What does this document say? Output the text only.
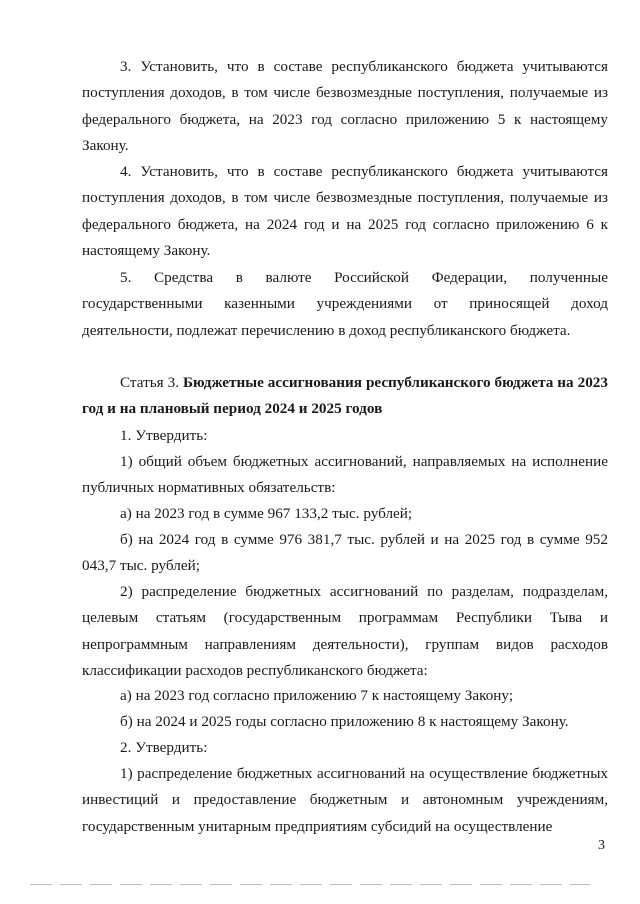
3. Установить, что в составе республиканского бюджета учитываются поступления доходов, в том числе безвозмездные поступления, получаемые из федерального бюджета, на 2023 год согласно приложению 5 к настоящему Закону.

4. Установить, что в составе республиканского бюджета учитываются поступления доходов, в том числе безвозмездные поступления, получаемые из федерального бюджета, на 2024 год и на 2025 год согласно приложению 6 к настоящему Закону.

5. Средства в валюте Российской Федерации, полученные государственными казенными учреждениями от приносящей доход деятельности, подлежат перечислению в доход республиканского бюджета.

Статья 3. Бюджетные ассигнования республиканского бюджета на 2023 год и на плановый период 2024 и 2025 годов

1. Утвердить:

1) общий объем бюджетных ассигнований, направляемых на исполнение публичных нормативных обязательств:

а) на 2023 год в сумме 967 133,2 тыс. рублей;

б) на 2024 год в сумме 976 381,7 тыс. рублей и на 2025 год в сумме 952 043,7 тыс. рублей;

2) распределение бюджетных ассигнований по разделам, подразделам, целевым статьям (государственным программам Республики Тыва и непрограммным направлениям деятельности), группам видов расходов классификации расходов республиканского бюджета:

а) на 2023 год согласно приложению 7 к настоящему Закону;

б) на 2024 и 2025 годы согласно приложению 8 к настоящему Закону.

2. Утвердить:

1) распределение бюджетных ассигнований на осуществление бюджетных инвестиций и предоставление бюджетным и автономным учреждениям, государственным унитарным предприятиям субсидий на осуществление

3
